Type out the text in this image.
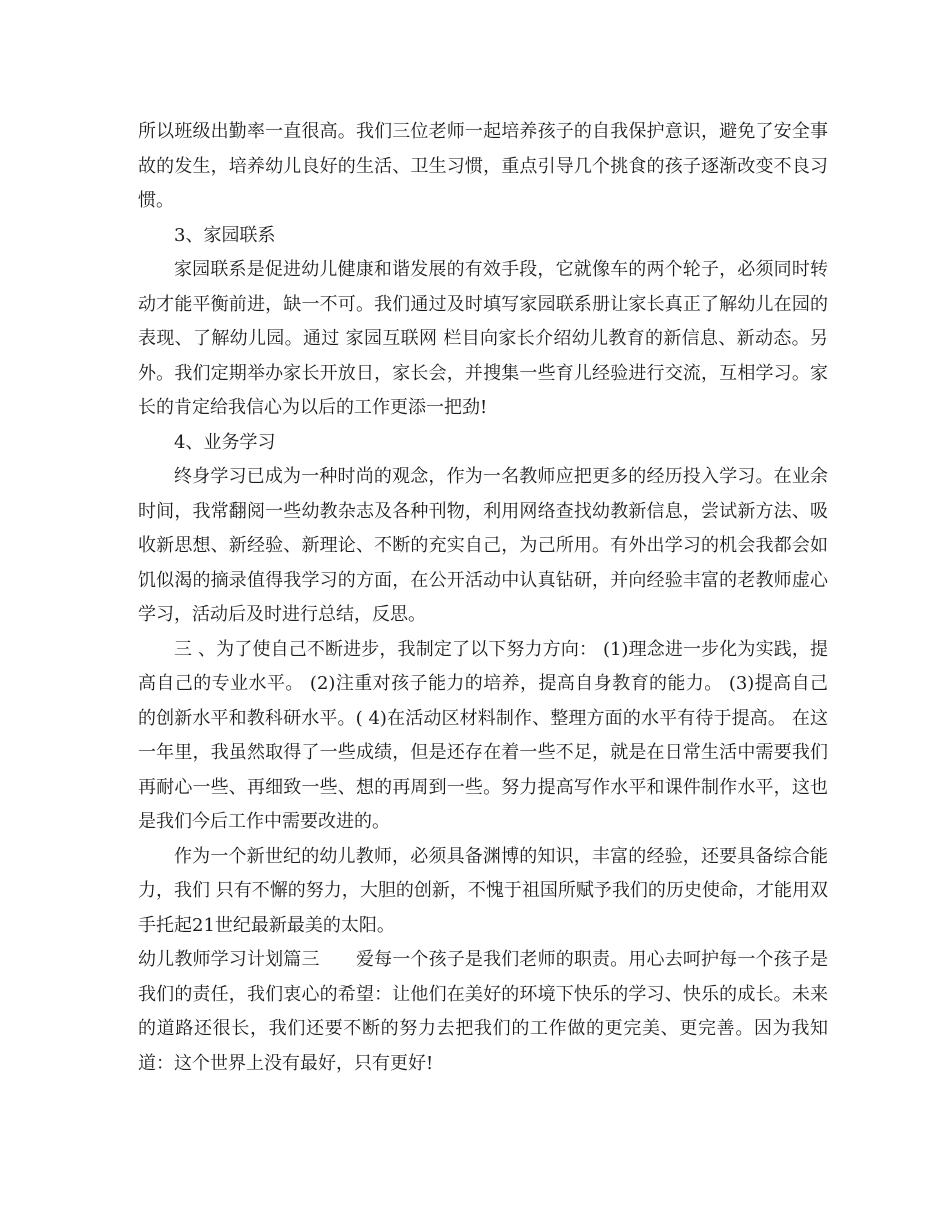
所以班级出勤率一直很高。我们三位老师一起培养孩子的自我保护意识，避免了安全事故的发生，培养幼儿良好的生活、卫生习惯，重点引导几个挑食的孩子逐渐改变不良习惯。

3、家园联系

家园联系是促进幼儿健康和谐发展的有效手段，它就像车的两个轮子，必须同时转动才能平衡前进，缺一不可。我们通过及时填写家园联系册让家长真正了解幼儿在园的表现、了解幼儿园。通过 家园互联网 栏目向家长介绍幼儿教育的新信息、新动态。另外。我们定期举办家长开放日，家长会，并搜集一些育儿经验进行交流，互相学习。家长的肯定给我信心为以后的工作更添一把劲!

4、业务学习

终身学习已成为一种时尚的观念，作为一名教师应把更多的经历投入学习。在业余时间，我常翻阅一些幼教杂志及各种刊物，利用网络查找幼教新信息，尝试新方法、吸收新思想、新经验、新理论、不断的充实自己，为己所用。有外出学习的机会我都会如饥似渴的摘录值得我学习的方面，在公开活动中认真钻研，并向经验丰富的老教师虚心学习，活动后及时进行总结，反思。

三 、为了使自己不断进步，我制定了以下努力方向： (1)理念进一步化为实践，提高自己的专业水平。 (2)注重对孩子能力的培养，提高自身教育的能力。 (3)提高自己的创新水平和教科研水平。( 4)在活动区材料制作、整理方面的水平有待于提高。 在这一年里，我虽然取得了一些成绩，但是还存在着一些不足，就是在日常生活中需要我们再耐心一些、再细致一些、想的再周到一些。努力提高写作水平和课件制作水平，这也是我们今后工作中需要改进的。

作为一个新世纪的幼儿教师，必须具备渊博的知识，丰富的经验，还要具备综合能力，我们 只有不懈的努力，大胆的创新，不愧于祖国所赋予我们的历史使命，才能用双手托起21世纪最新最美的太阳。

幼儿教师学习计划篇三　　爱每一个孩子是我们老师的职责。用心去呵护每一个孩子是我们的责任，我们衷心的希望：让他们在美好的环境下快乐的学习、快乐的成长。未来的道路还很长，我们还要不断的努力去把我们的工作做的更完美、更完善。因为我知道：这个世界上没有最好，只有更好!
